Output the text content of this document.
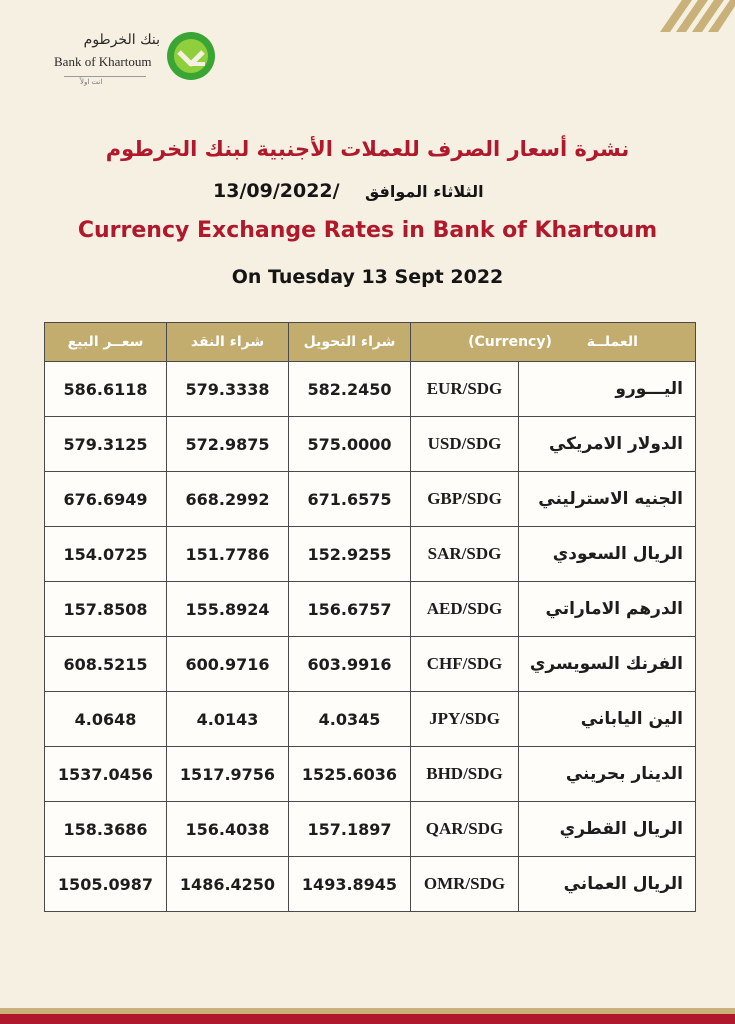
بنك الخرطوم
Bank of Khartoum
انت اولاً
نشرة أسعار الصرف للعملات الأجنبية لبنك الخرطوم
13/09/2022/ الثلاثاء الموافق
Currency Exchange Rates in Bank of Khartoum
On Tuesday 13 Sept 2022
سعــر البيع	شراء النقد	شراء التحويل	العملــة (Currency)	
586.6118	579.3338	582.2450	EUR/SDG	اليـــورو
579.3125	572.9875	575.0000	USD/SDG	الدولار الامريكي
676.6949	668.2992	671.6575	GBP/SDG	الجنيه الاسترليني
154.0725	151.7786	152.9255	SAR/SDG	الريال السعودي
157.8508	155.8924	156.6757	AED/SDG	الدرهم الاماراتي
608.5215	600.9716	603.9916	CHF/SDG	الفرنك السويسري
4.0648	4.0143	4.0345	JPY/SDG	الين الياباني
1537.0456	1517.9756	1525.6036	BHD/SDG	الدينار بحريني
158.3686	156.4038	157.1897	QAR/SDG	الريال القطري
1505.0987	1486.4250	1493.8945	OMR/SDG	الريال العماني
